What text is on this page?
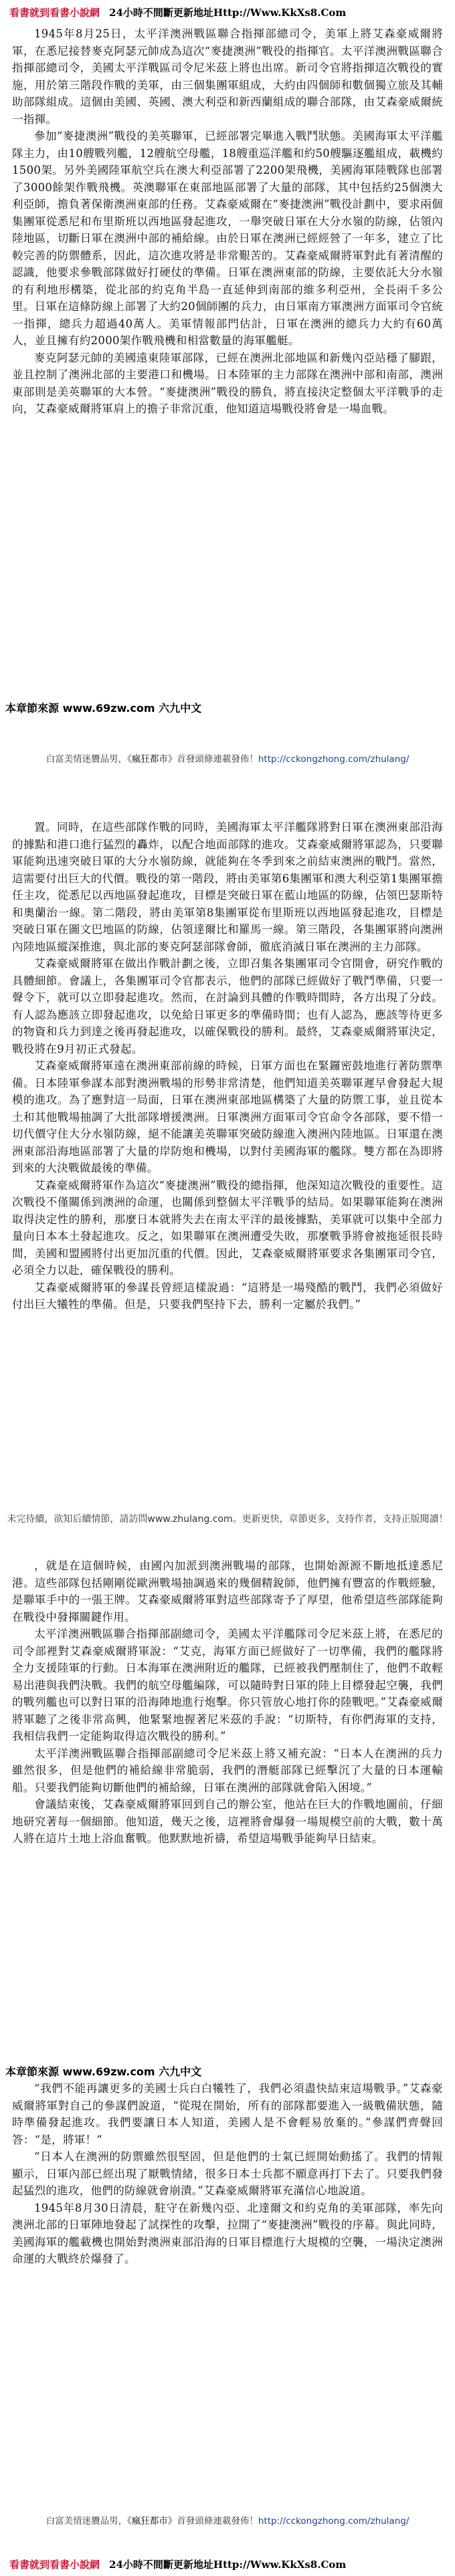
看書就到看書小說網 24小時不間斷更新地址Http://Www.KkXs8.Com

1945年8月25日，太平洋澳洲戰區聯合指揮部總司令，美軍上將艾森豪威爾將軍，在悉尼接替麥克阿瑟元帥成為這次“麥捷澳洲”戰役的指揮官。太平洋澳洲戰區聯合指揮部總司令，美國太平洋戰區司令尼米茲上將也出席。新司令官將指揮這次戰役的實施，用於第三階段作戰的美軍，由三個集團軍組成，大約由四個師和數個獨立旅及其輔助部隊組成。這個由美國、英國、澳大利亞和新西蘭組成的聯合部隊，由艾森豪威爾統一指揮。

參加“麥捷澳洲”戰役的美英聯軍，已經部署完畢進入戰鬥狀態。美國海軍太平洋艦隊主力，由10艘戰列艦，12艘航空母艦，18艘重巡洋艦和約50艘驅逐艦組成，載機約1500架。另外美國陸軍航空兵在澳大利亞部署了2200架飛機，美國海軍陸戰隊也部署了3000餘架作戰飛機。英澳聯軍在東部地區部署了大量的部隊，其中包括約25個澳大利亞師，擔負著保衛澳洲東部的任務。艾森豪威爾在“麥捷澳洲”戰役計劃中，要求兩個集團軍從悉尼和布里斯班以西地區發起進攻，一舉突破日軍在大分水嶺的防線，佔領內陸地區，切斷日軍在澳洲中部的補給線。由於日軍在澳洲已經經營了一年多，建立了比較完善的防禦體系，因此，這次進攻將是非常艱苦的。艾森豪威爾將軍對此有著清醒的認識，他要求參戰部隊做好打硬仗的準備。日軍在澳洲東部的防線，主要依託大分水嶺的有利地形構築，從北部的約克角半島一直延伸到南部的維多利亞州，全長兩千多公里。日軍在這條防線上部署了大約20個師團的兵力，由日軍南方軍澳洲方面軍司令官統一指揮，總兵力超過40萬人。美軍情報部門估計，日軍在澳洲的總兵力大約有60萬人，並且擁有約2000架作戰飛機和相當數量的海軍艦艇。

麥克阿瑟元帥的美國遠東陸軍部隊，已經在澳洲北部地區和新幾內亞站穩了腳跟，並且控制了澳洲北部的主要港口和機場。日本陸軍的主力部隊在澳洲中部和南部，澳洲東部則是美英聯軍的大本營。“麥捷澳洲”戰役的勝負，將直接決定整個太平洋戰爭的走向，艾森豪威爾將軍肩上的擔子非常沉重，他知道這場戰役將會是一場血戰。

本章節來源 www.69zw.com 六九中文
白富美情迷贗品男，《瘋狂都市》首發頭條連載發佈！http://cckongzhong.com/zhulang/

置。同時，在這些部隊作戰的同時，美國海軍太平洋艦隊將對日軍在澳洲東部沿海的據點和港口進行猛烈的轟炸，以配合地面部隊的進攻。艾森豪威爾將軍認為，只要聯軍能夠迅速突破日軍的大分水嶺防線，就能夠在冬季到來之前結束澳洲的戰鬥。當然，這需要付出巨大的代價。戰役的第一階段，將由美軍第6集團軍和澳大利亞第1集團軍擔任主攻，從悉尼以西地區發起進攻，目標是突破日軍在藍山地區的防線，佔領巴瑟斯特和奧蘭治一線。第二階段，將由美軍第8集團軍從布里斯班以西地區發起進攻，目標是突破日軍在圖文巴地區的防線，佔領達爾比和羅馬一線。第三階段，各集團軍將向澳洲內陸地區縱深推進，與北部的麥克阿瑟部隊會師，徹底消滅日軍在澳洲的主力部隊。

艾森豪威爾將軍在做出作戰計劃之後，立即召集各集團軍司令官開會，研究作戰的具體細節。會議上，各集團軍司令官都表示，他們的部隊已經做好了戰鬥準備，只要一聲令下，就可以立即發起進攻。然而，在討論到具體的作戰時間時，各方出現了分歧。有人認為應該立即發起進攻，以免給日軍更多的準備時間；也有人認為，應該等待更多的物資和兵力到達之後再發起進攻，以確保戰役的勝利。最終，艾森豪威爾將軍決定，戰役將在9月初正式發起。

艾森豪威爾將軍遠在澳洲東部前線的時候，日軍方面也在緊鑼密鼓地進行著防禦準備。日本陸軍參謀本部對澳洲戰場的形勢非常清楚，他們知道美英聯軍遲早會發起大規模的進攻。為了應對這一局面，日軍在澳洲東部地區構築了大量的防禦工事，並且從本土和其他戰場抽調了大批部隊增援澳洲。日軍澳洲方面軍司令官命令各部隊，要不惜一切代價守住大分水嶺防線，絕不能讓美英聯軍突破防線進入澳洲內陸地區。日軍還在澳洲東部沿海地區部署了大量的岸防炮和機場，以對付美國海軍的艦隊。雙方都在為即將到來的大決戰做最後的準備。

艾森豪威爾將軍作為這次“麥捷澳洲”戰役的總指揮，他深知這次戰役的重要性。這次戰役不僅關係到澳洲的命運，也關係到整個太平洋戰爭的結局。如果聯軍能夠在澳洲取得決定性的勝利，那麼日本就將失去在南太平洋的最後據點，美軍就可以集中全部力量向日本本土發起進攻。反之，如果聯軍在澳洲遭受失敗，那麼戰爭將會被拖延很長時間，美國和盟國將付出更加沉重的代價。因此，艾森豪威爾將軍要求各集團軍司令官，必須全力以赴，確保戰役的勝利。

艾森豪威爾將軍的參謀長曾經這樣說過：“這將是一場殘酷的戰鬥，我們必須做好付出巨大犧牲的準備。但是，只要我們堅持下去，勝利一定屬於我們。”

未完待續，欲知后續情節，請訪問www.zhulang.com。更新更快，章節更多，支持作者，支持正版閱讀！

，就是在這個時候，由國內加派到澳洲戰場的部隊，也開始源源不斷地抵達悉尼港。這些部隊包括剛剛從歐洲戰場抽調過來的幾個精銳師，他們擁有豐富的作戰經驗，是聯軍手中的一張王牌。艾森豪威爾將軍對這些部隊寄予了厚望，他希望這些部隊能夠在戰役中發揮關鍵作用。

太平洋澳洲戰區聯合指揮部副總司令，美國太平洋艦隊司令尼米茲上將，在悉尼的司令部裡對艾森豪威爾將軍說：“艾克，海軍方面已經做好了一切準備，我們的艦隊將全力支援陸軍的行動。日本海軍在澳洲附近的艦隊，已經被我們壓制住了，他們不敢輕易出港與我們決戰。我們的航空母艦編隊，可以隨時對日軍的陸上目標發起空襲，我們的戰列艦也可以對日軍的沿海陣地進行炮擊。你只管放心地打你的陸戰吧。”艾森豪威爾將軍聽了之後非常高興，他緊緊地握著尼米茲的手說：“切斯特，有你們海軍的支持，我相信我們一定能夠取得這次戰役的勝利。”

太平洋澳洲戰區聯合指揮部副總司令尼米茲上將又補充說：“日本人在澳洲的兵力雖然很多，但是他們的補給線非常脆弱，我們的潛艇部隊已經擊沉了大量的日本運輸船。只要我們能夠切斷他們的補給線，日軍在澳洲的部隊就會陷入困境。”

會議結束後，艾森豪威爾將軍回到自己的辦公室，他站在巨大的作戰地圖前，仔細地研究著每一個細節。他知道，幾天之後，這裡將會爆發一場規模空前的大戰，數十萬人將在這片土地上浴血奮戰。他默默地祈禱，希望這場戰爭能夠早日結束。

本章節來源 www.69zw.com 六九中文

“我們不能再讓更多的美國士兵白白犧牲了，我們必須盡快結束這場戰爭。”艾森豪威爾將軍對自己的參謀們說道，“從現在開始，所有的部隊都要進入一級戰備狀態，隨時準備發起進攻。我們要讓日本人知道，美國人是不會輕易放棄的。”參謀們齊聲回答：“是，將軍！”

“日本人在澳洲的防禦雖然很堅固，但是他們的士氣已經開始動搖了。我們的情報顯示，日軍內部已經出現了厭戰情緒，很多日本士兵都不願意再打下去了。只要我們發起猛烈的進攻，他們的防線就會崩潰。”艾森豪威爾將軍充滿信心地說道。

1945年8月30日清晨，駐守在新幾內亞、北達爾文和約克角的美軍部隊，率先向澳洲北部的日軍陣地發起了試探性的攻擊，拉開了“麥捷澳洲”戰役的序幕。與此同時，美國海軍的艦載機也開始對澳洲東部沿海的日軍目標進行大規模的空襲，一場決定澳洲命運的大戰終於爆發了。

白富美情迷贗品男，《瘋狂都市》首發頭條連載發佈！http://cckongzhong.com/zhulang/
看書就到看書小說網 24小時不間斷更新地址Http://Www.KkXs8.Com
